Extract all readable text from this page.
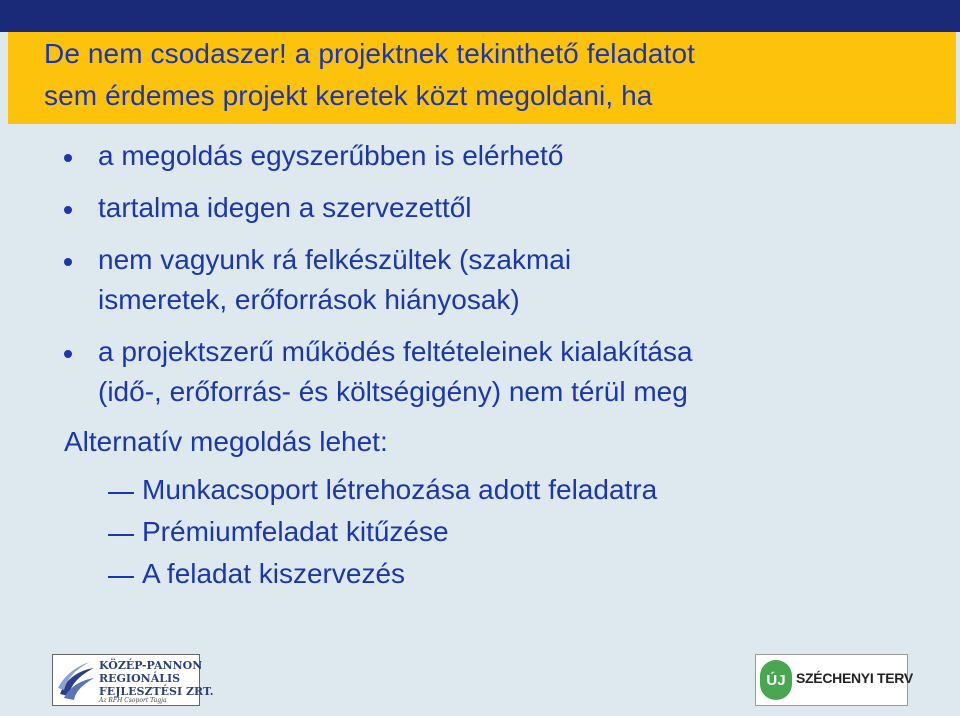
De nem csodaszer! a projektnek tekinthető feladatot
sem érdemes projekt keretek közt megoldani, ha
a megoldás egyszerűbben is elérhető
tartalma idegen a szervezettől
nem vagyunk rá felkészültek (szakmai
ismeretek, erőforrások hiányosak)
a projektszerű működés feltételeinek kialakítása
(idő-, erőforrás- és költségigény) nem térül meg
Alternatív megoldás lehet:
Munkacsoport létrehozása adott feladatra
Prémiumfeladat kitűzése
A feladat kiszervezés
KÖZÉP-PANNON
REGIONÁLIS
FEJLESZTÉSI ZRT.
Az RFH Csoport Tagja
ÚJ SZÉCHENYI TERV
